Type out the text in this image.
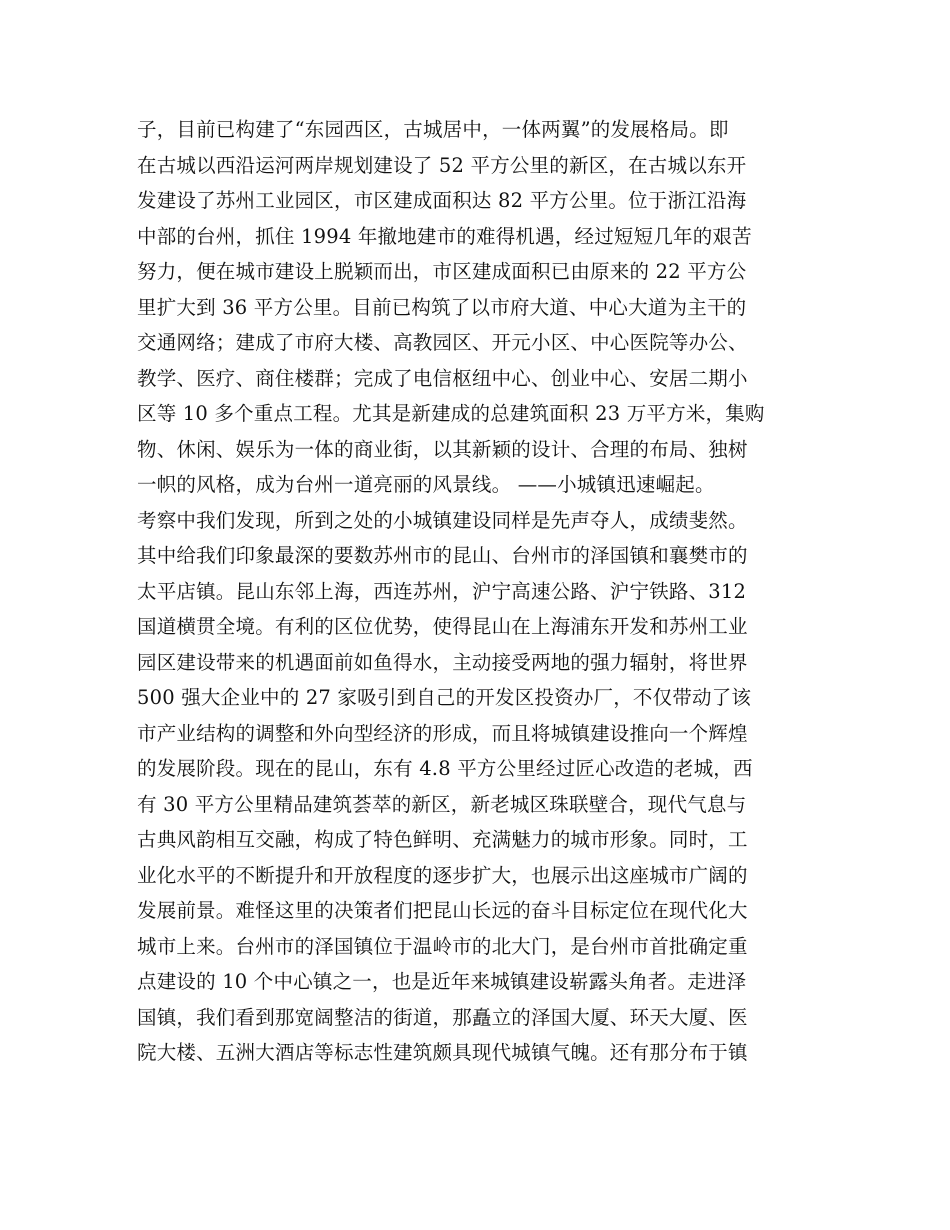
子，目前已构建了“东园西区，古城居中，一体两翼”的发展格局。即
在古城以西沿运河两岸规划建设了 52 平方公里的新区，在古城以东开
发建设了苏州工业园区，市区建成面积达 82 平方公里。位于浙江沿海
中部的台州，抓住 1994 年撤地建市的难得机遇，经过短短几年的艰苦
努力，便在城市建设上脱颖而出，市区建成面积已由原来的 22 平方公
里扩大到 36 平方公里。目前已构筑了以市府大道、中心大道为主干的
交通网络；建成了市府大楼、高教园区、开元小区、中心医院等办公、
教学、医疗、商住楼群；完成了电信枢纽中心、创业中心、安居二期小
区等 10 多个重点工程。尤其是新建成的总建筑面积 23 万平方米，集购
物、休闲、娱乐为一体的商业街，以其新颖的设计、合理的布局、独树
一帜的风格，成为台州一道亮丽的风景线。 ——小城镇迅速崛起。
考察中我们发现，所到之处的小城镇建设同样是先声夺人，成绩斐然。
其中给我们印象最深的要数苏州市的昆山、台州市的泽国镇和襄樊市的
太平店镇。昆山东邻上海，西连苏州，沪宁高速公路、沪宁铁路、312
国道横贯全境。有利的区位优势，使得昆山在上海浦东开发和苏州工业
园区建设带来的机遇面前如鱼得水，主动接受两地的强力辐射，将世界
500 强大企业中的 27 家吸引到自己的开发区投资办厂，不仅带动了该
市产业结构的调整和外向型经济的形成，而且将城镇建设推向一个辉煌
的发展阶段。现在的昆山，东有 4.8 平方公里经过匠心改造的老城，西
有 30 平方公里精品建筑荟萃的新区，新老城区珠联壁合，现代气息与
古典风韵相互交融，构成了特色鲜明、充满魅力的城市形象。同时，工
业化水平的不断提升和开放程度的逐步扩大，也展示出这座城市广阔的
发展前景。难怪这里的决策者们把昆山长远的奋斗目标定位在现代化大
城市上来。台州市的泽国镇位于温岭市的北大门，是台州市首批确定重
点建设的 10 个中心镇之一，也是近年来城镇建设崭露头角者。走进泽
国镇，我们看到那宽阔整洁的街道，那矗立的泽国大厦、环天大厦、医
院大楼、五洲大酒店等标志性建筑颇具现代城镇气魄。还有那分布于镇
